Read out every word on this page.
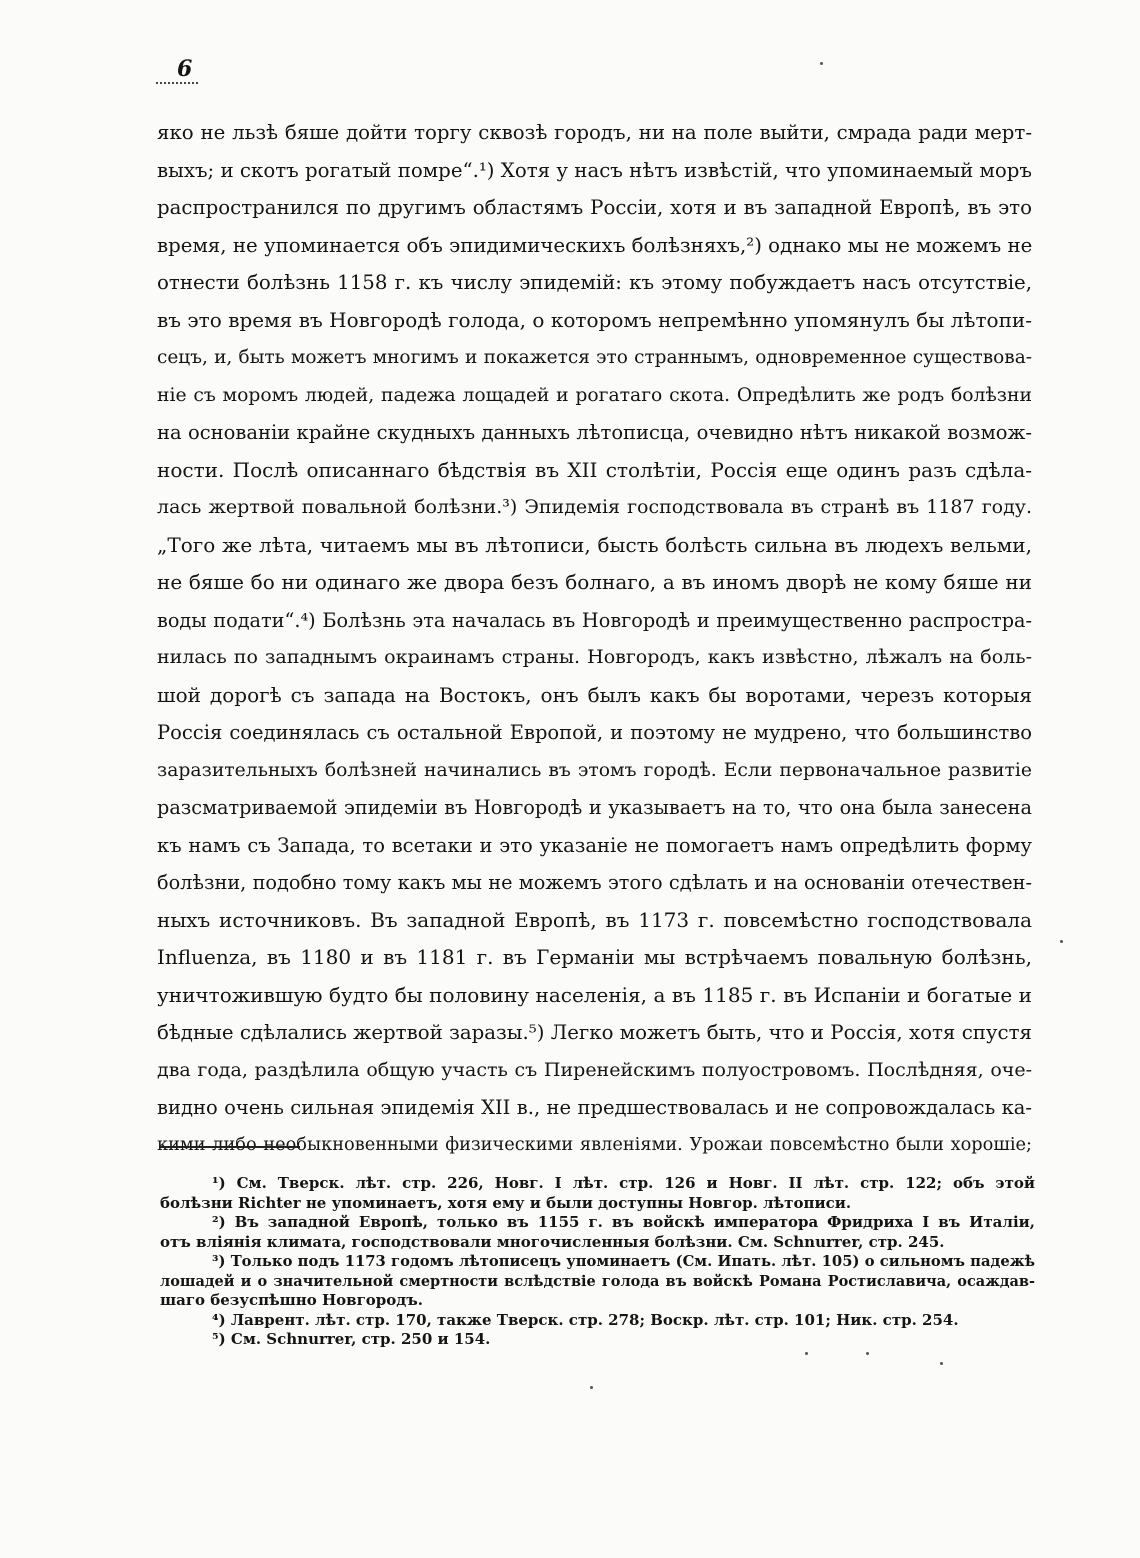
6
яко не льзѣ бяше дойти торгу сквозѣ городъ, ни на поле выйти, смрада ради мерт-
выхъ; и скотъ рогатый помре“.¹) Хотя у насъ нѣтъ извѣстій, что упоминаемый моръ
распространился по другимъ областямъ Россіи, хотя и въ западной Европѣ, въ это
время, не упоминается объ эпидимическихъ болѣзняхъ,²) однако мы не можемъ не
отнести болѣзнь 1158 г. къ числу эпидемій: къ этому побуждаетъ насъ отсутствіе,
въ это время въ Новгородѣ голода, о которомъ непремѣнно упомянулъ бы лѣтопи-
сецъ, и, быть можетъ многимъ и покажется это страннымъ, одновременное существова-
ніе съ моромъ людей, падежа лощадей и рогатаго скота. Опредѣлить же родъ болѣзни
на основаніи крайне скудныхъ данныхъ лѣтописца, очевидно нѣтъ никакой возмож-
ности. Послѣ описаннаго бѣдствія въ XII столѣтіи, Россія еще одинъ разъ сдѣла-
лась жертвой повальной болѣзни.³) Эпидемія господствовала въ странѣ въ 1187 году.
„Того же лѣта, читаемъ мы въ лѣтописи, бысть болѣсть сильна въ людехъ вельми,
не бяше бо ни одинаго же двора безъ болнаго, а въ иномъ дворѣ не кому бяше ни
воды подати“.⁴) Болѣзнь эта началась въ Новгородѣ и преимущественно распростра-
нилась по западнымъ окраинамъ страны. Новгородъ, какъ извѣстно, лѣжалъ на боль-
шой дорогѣ съ запада на Востокъ, онъ былъ какъ бы воротами, черезъ которыя
Россія соединялась съ остальной Европой, и поэтому не мудрено, что большинство
заразительныхъ болѣзней начинались въ этомъ городѣ. Если первоначальное развитіе
разсматриваемой эпидеміи въ Новгородѣ и указываетъ на то, что она была занесена
къ намъ съ Запада, то всетаки и это указаніе не помогаетъ намъ опредѣлить форму
болѣзни, подобно тому какъ мы не можемъ этого сдѣлать и на основаніи отечествен-
ныхъ источниковъ. Въ западной Европѣ, въ 1173 г. повсемѣстно господствовала
Influenza, въ 1180 и въ 1181 г. въ Германіи мы встрѣчаемъ повальную болѣзнь,
уничтожившую будто бы половину населенія, а въ 1185 г. въ Испаніи и богатые и
бѣдные сдѣлались жертвой заразы.⁵) Легко можетъ быть, что и Россія, хотя спустя
два года, раздѣлила общую участь съ Пиренейскимъ полуостровомъ. Послѣдняя, оче-
видно очень сильная эпидемія XII в., не предшествовалась и не сопровождалась ка-
кими либо необыкновенными физическими явленіями. Урожаи повсемѣстно были хорошіе;
¹) См. Тверск. лѣт. стр. 226, Новг. I лѣт. стр. 126 и Новг. II лѣт. стр. 122; объ этой
болѣзни Richter не упоминаетъ, хотя ему и были доступны Новгор. лѣтописи.
²) Въ западной Европѣ, только въ 1155 г. въ войскѣ императора Фридриха I въ Италіи,
отъ вліянія климата, господствовали многочисленныя болѣзни. См. Schnurrer, стр. 245.
³) Только подъ 1173 годомъ лѣтописецъ упоминаетъ (См. Ипать. лѣт. 105) о сильномъ падежѣ
лошадей и о значительной смертности вслѣдствіе голода въ войскѣ Романа Ростиславича, осаждав-
шаго безуспѣшно Новгородъ.
⁴) Лаврент. лѣт. стр. 170, также Тверск. стр. 278; Воскр. лѣт. стр. 101; Ник. стр. 254.
⁵) См. Schnurrer, стр. 250 и 154.
